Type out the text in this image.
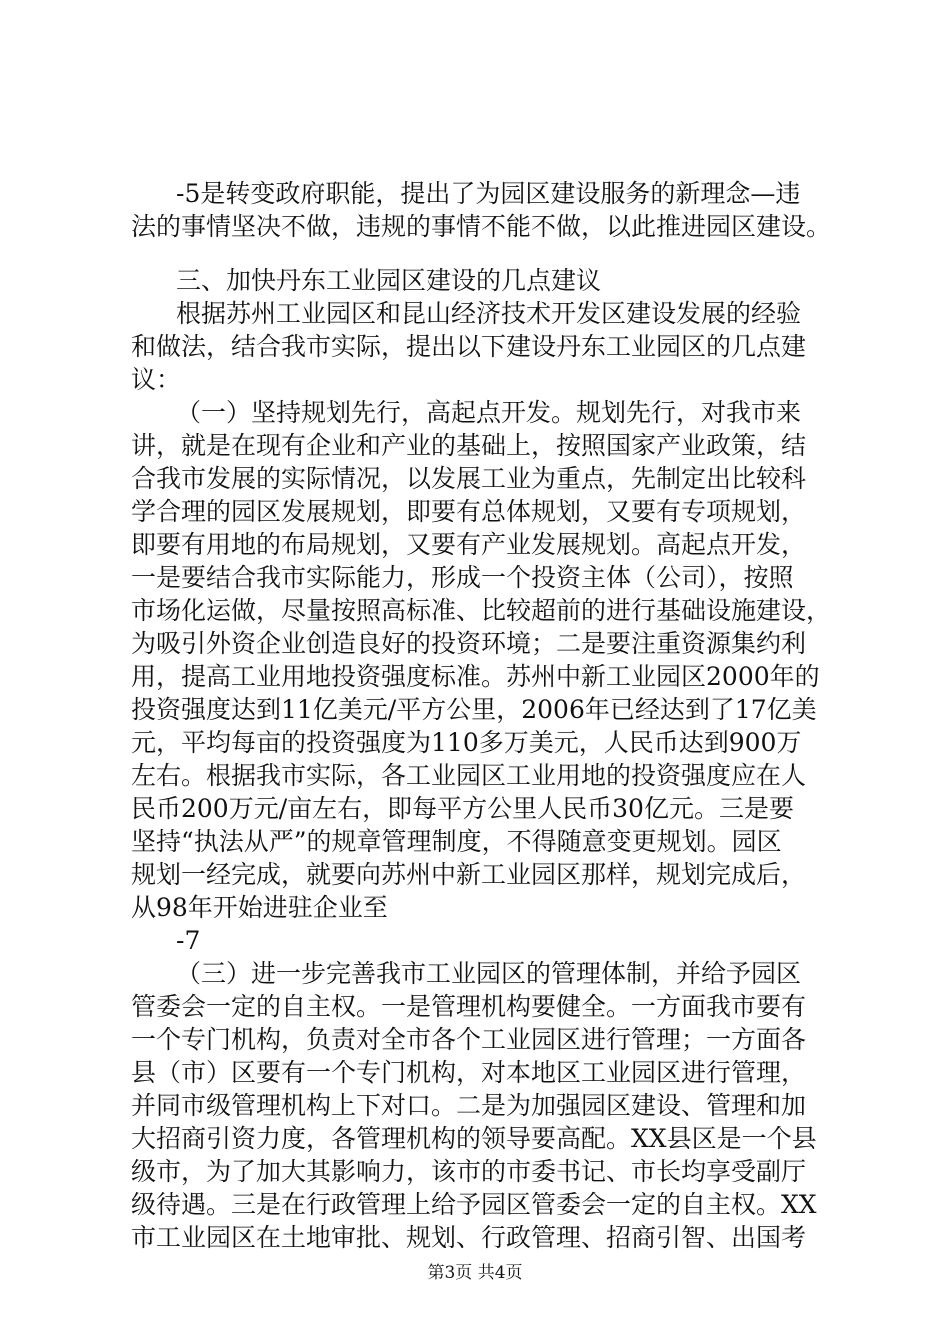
-5是转变政府职能，提出了为园区建设服务的新理念—违
法的事情坚决不做，违规的事情不能不做，以此推进园区建设。
三、加快丹东工业园区建设的几点建议
根据苏州工业园区和昆山经济技术开发区建设发展的经验
和做法，结合我市实际，提出以下建设丹东工业园区的几点建
议：
（一）坚持规划先行，高起点开发。规划先行，对我市来
讲，就是在现有企业和产业的基础上，按照国家产业政策，结
合我市发展的实际情况，以发展工业为重点，先制定出比较科
学合理的园区发展规划，即要有总体规划，又要有专项规划，
即要有用地的布局规划，又要有产业发展规划。高起点开发，
一是要结合我市实际能力，形成一个投资主体（公司），按照
市场化运做，尽量按照高标准、比较超前的进行基础设施建设，
为吸引外资企业创造良好的投资环境；二是要注重资源集约利
用，提高工业用地投资强度标准。苏州中新工业园区2000年的
投资强度达到11亿美元/平方公里，2006年已经达到了17亿美
元，平均每亩的投资强度为110多万美元，人民币达到900万
左右。根据我市实际，各工业园区工业用地的投资强度应在人
民币200万元/亩左右，即每平方公里人民币30亿元。三是要
坚持“执法从严”的规章管理制度，不得随意变更规划。园区
规划一经完成，就要向苏州中新工业园区那样，规划完成后，
从98年开始进驻企业至
-7
（三）进一步完善我市工业园区的管理体制，并给予园区
管委会一定的自主权。一是管理机构要健全。一方面我市要有
一个专门机构，负责对全市各个工业园区进行管理；一方面各
县（市）区要有一个专门机构，对本地区工业园区进行管理，
并同市级管理机构上下对口。二是为加强园区建设、管理和加
大招商引资力度，各管理机构的领导要高配。XX县区是一个县
级市，为了加大其影响力，该市的市委书记、市长均享受副厅
级待遇。三是在行政管理上给予园区管委会一定的自主权。XX
市工业园区在土地审批、规划、行政管理、招商引智、出国考
第3页 共4页
